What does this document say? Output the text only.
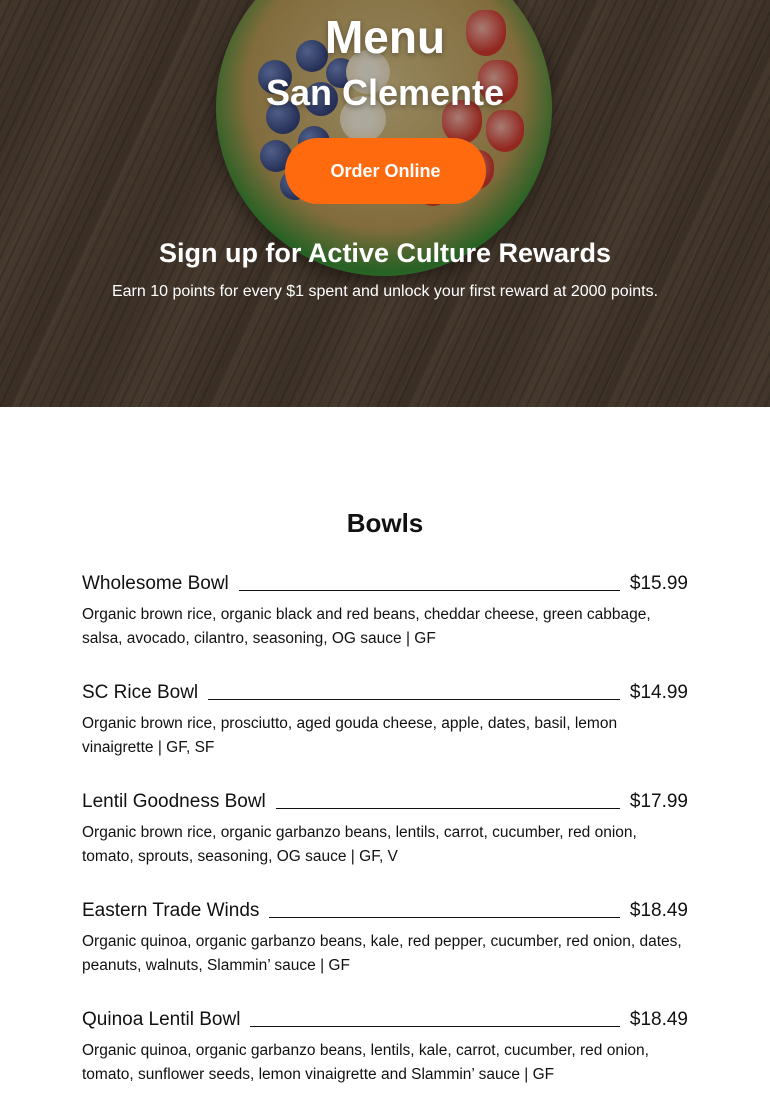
Menu
San Clemente
Order Online
Sign up for Active Culture Rewards
Earn 10 points for every $1 spent and unlock your first reward at 2000 points.
Bowls
Wholesome Bowl	$15.99
Organic brown rice, organic black and red beans, cheddar cheese, green cabbage, salsa, avocado, cilantro, seasoning, OG sauce | GF
SC Rice Bowl	$14.99
Organic brown rice, prosciutto, aged gouda cheese, apple, dates, basil, lemon vinaigrette | GF, SF
Lentil Goodness Bowl	$17.99
Organic brown rice, organic garbanzo beans, lentils, carrot, cucumber, red onion, tomato, sprouts, seasoning, OG sauce | GF, V
Eastern Trade Winds	$18.49
Organic quinoa, organic garbanzo beans, kale, red pepper, cucumber, red onion, dates, peanuts, walnuts, Slammin’ sauce | GF
Quinoa Lentil Bowl	$18.49
Organic quinoa, organic garbanzo beans, lentils, kale, carrot, cucumber, red onion, tomato, sunflower seeds, lemon vinaigrette and Slammin’ sauce | GF
